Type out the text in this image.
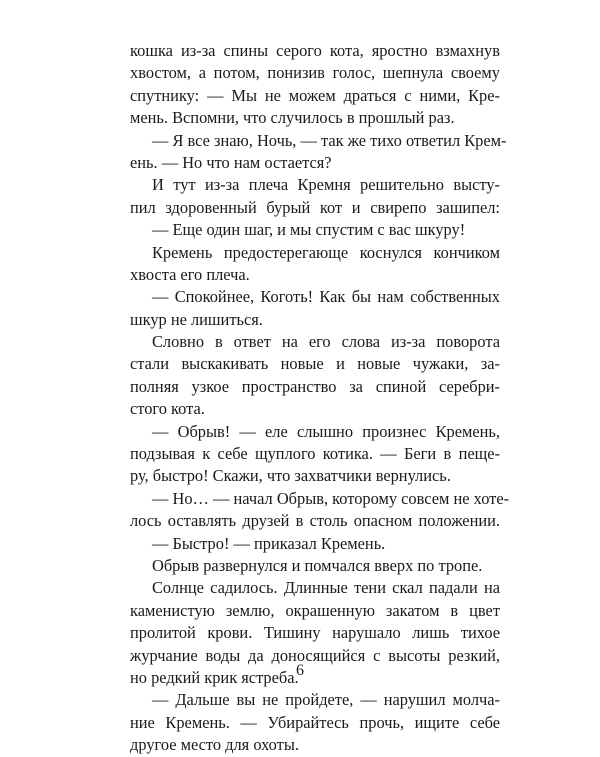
кошка из-за спины серого кота, яростно взмахнув
хвостом, а потом, понизив голос, шепнула своему
спутнику: — Мы не можем драться с ними, Кре-
мень. Вспомни, что случилось в прошлый раз.
— Я все знаю, Ночь, — так же тихо ответил Крем-
ень. — Но что нам остается?
И тут из-за плеча Кремня решительно высту-
пил здоровенный бурый кот и свирепо зашипел:
— Еще один шаг, и мы спустим с вас шкуру!
Кремень предостерегающе коснулся кончиком
хвоста его плеча.
— Спокойнее, Коготь! Как бы нам собственных
шкур не лишиться.
Словно в ответ на его слова из-за поворота
стали выскакивать новые и новые чужаки, за-
полняя узкое пространство за спиной серебри-
стого кота.
— Обрыв! — еле слышно произнес Кремень,
подзывая к себе щуплого котика. — Беги в пеще-
ру, быстро! Скажи, что захватчики вернулись.
— Но… — начал Обрыв, которому совсем не хоте-
лось оставлять друзей в столь опасном положении.
— Быстро! — приказал Кремень.
Обрыв развернулся и помчался вверх по тропе.
Солнце садилось. Длинные тени скал падали на
каменистую землю, окрашенную закатом в цвет
пролитой крови. Тишину нарушало лишь тихое
журчание воды да доносящийся с высоты резкий,
но редкий крик ястреба.
— Дальше вы не пройдете, — нарушил молча-
ние Кремень. — Убирайтесь прочь, ищите себе
другое место для охоты.
6
